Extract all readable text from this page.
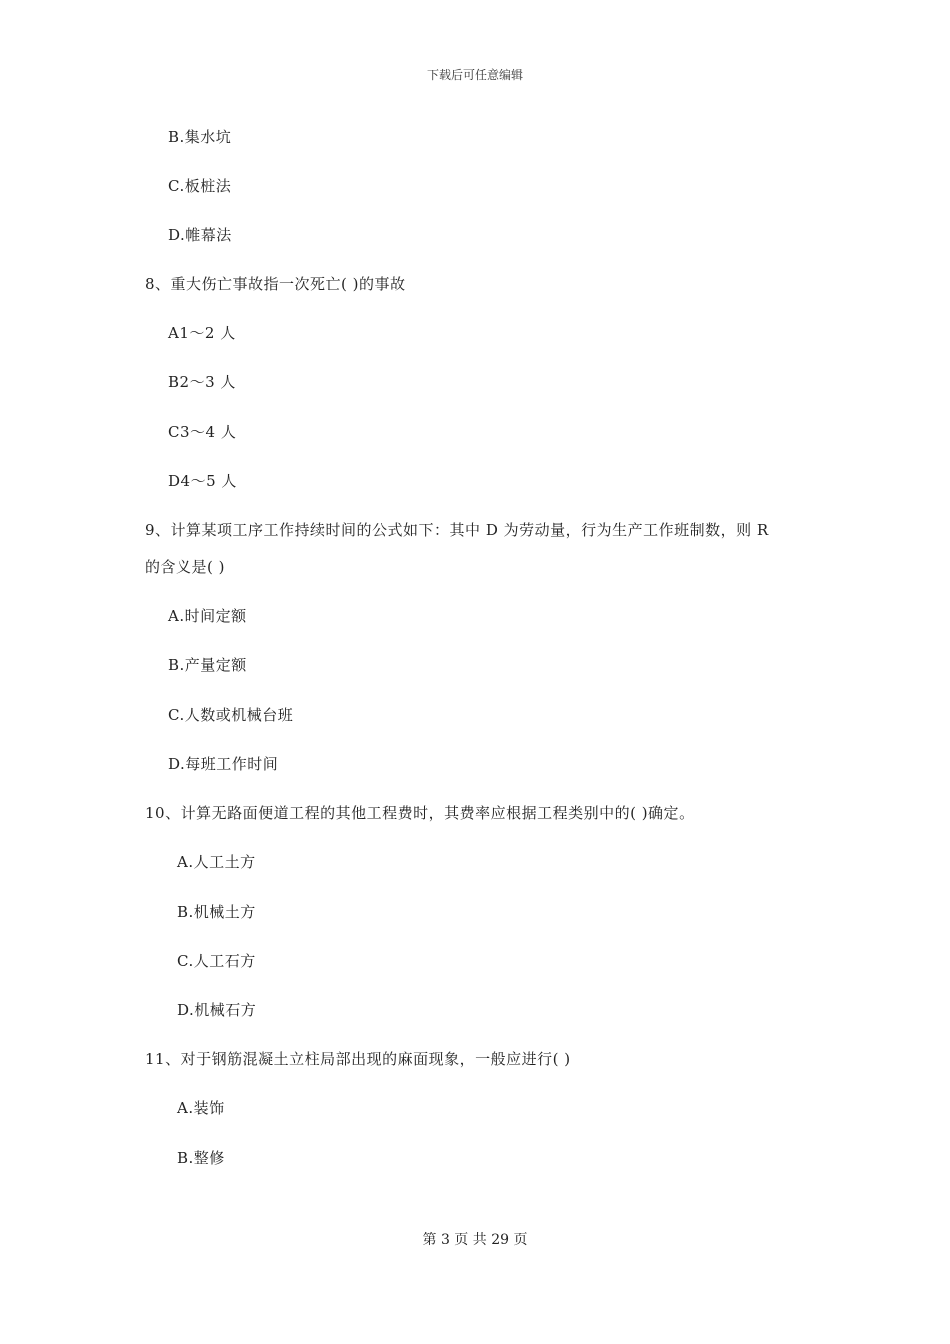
下载后可任意编辑
B.集水坑
C.板桩法
D.帷幕法
8、重大伤亡事故指一次死亡( )的事故
A1～2 人
B2～3 人
C3～4 人
D4～5 人
9、计算某项工序工作持续时间的公式如下：其中 D 为劳动量，行为生产工作班制数，则 R
的含义是( )
A.时间定额
B.产量定额
C.人数或机械台班
D.每班工作时间
10、计算无路面便道工程的其他工程费时，其费率应根据工程类别中的( )确定。
A.人工土方
B.机械土方
C.人工石方
D.机械石方
11、对于钢筋混凝土立柱局部出现的麻面现象，一般应进行( )
A.装饰
B.整修
第 3 页 共 29 页
